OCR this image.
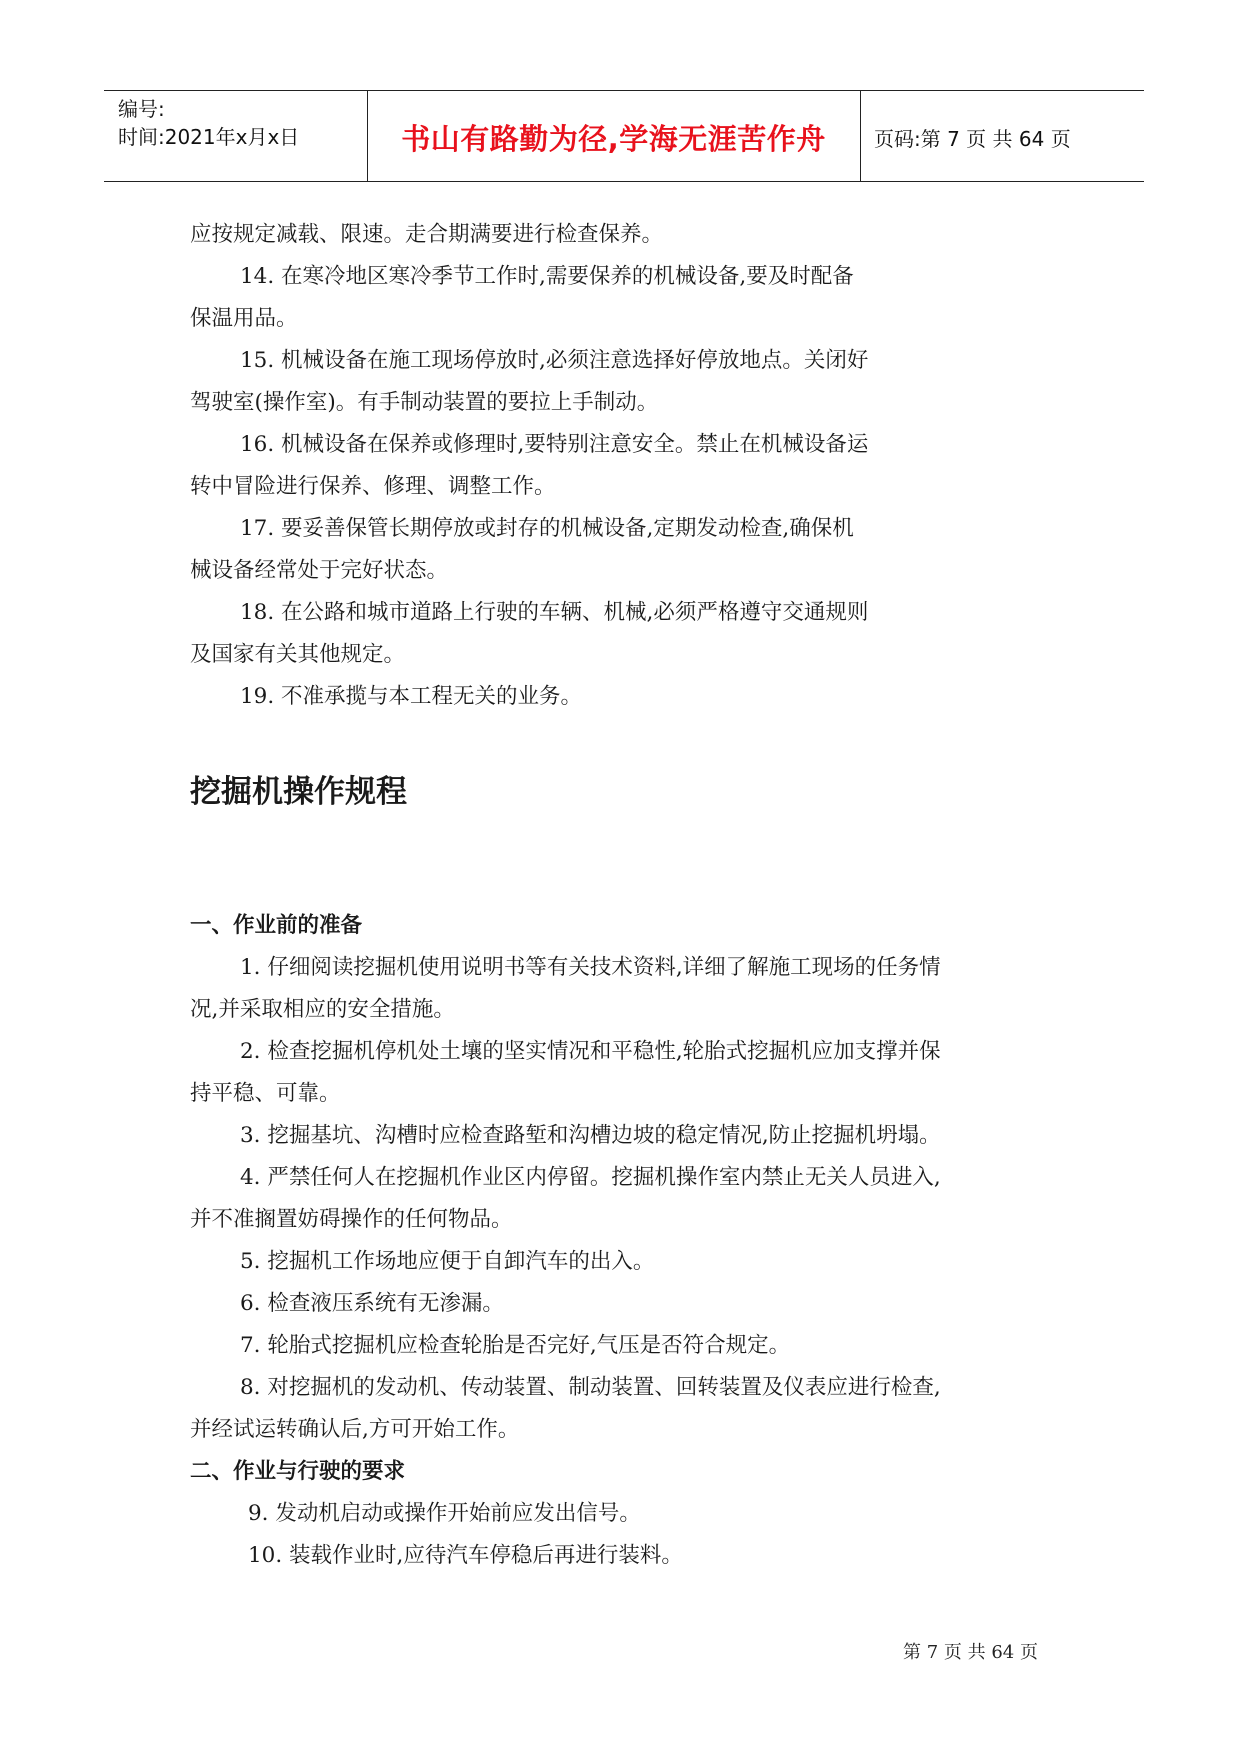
编号:
时间:2021年x月x日	书山有路勤为径,学海无涯苦作舟	页码:第 7 页 共 64 页

应按规定减载、限速。走合期满要进行检查保养。

14. 在寒冷地区寒冷季节工作时,需要保养的机械设备,要及时配备

保温用品。

15. 机械设备在施工现场停放时,必须注意选择好停放地点。关闭好

驾驶室(操作室)。有手制动装置的要拉上手制动。

16. 机械设备在保养或修理时,要特别注意安全。禁止在机械设备运

转中冒险进行保养、修理、调整工作。

17. 要妥善保管长期停放或封存的机械设备,定期发动检查,确保机

械设备经常处于完好状态。

18. 在公路和城市道路上行驶的车辆、机械,必须严格遵守交通规则

及国家有关其他规定。

19. 不准承揽与本工程无关的业务。

挖掘机操作规程

一、作业前的准备

1. 仔细阅读挖掘机使用说明书等有关技术资料,详细了解施工现场的任务情

况,并采取相应的安全措施。

2. 检查挖掘机停机处土壤的坚实情况和平稳性,轮胎式挖掘机应加支撑并保

持平稳、可靠。

3. 挖掘基坑、沟槽时应检查路堑和沟槽边坡的稳定情况,防止挖掘机坍塌。

4. 严禁任何人在挖掘机作业区内停留。挖掘机操作室内禁止无关人员进入,

并不准搁置妨碍操作的任何物品。

5. 挖掘机工作场地应便于自卸汽车的出入。

6. 检查液压系统有无渗漏。

7. 轮胎式挖掘机应检查轮胎是否完好,气压是否符合规定。

8. 对挖掘机的发动机、传动装置、制动装置、回转装置及仪表应进行检查,

并经试运转确认后,方可开始工作。

二、作业与行驶的要求

9. 发动机启动或操作开始前应发出信号。

10. 装载作业时,应待汽车停稳后再进行装料。

第 7 页 共 64 页
